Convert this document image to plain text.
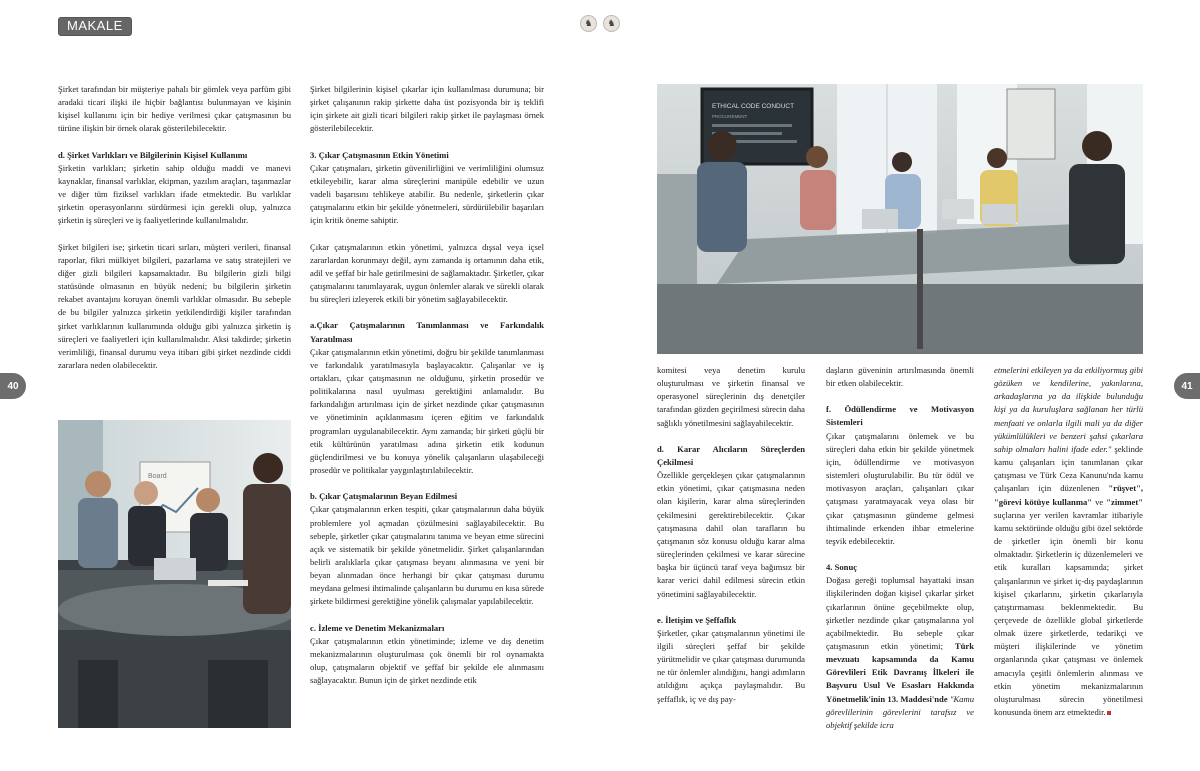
MAKALE	♞	♞
40	41

Şirket tarafından bir müşteriye pahalı bir gömlek veya parfüm gibi aradaki ticari ilişki ile hiçbir bağlantısı bulunmayan ve kişinin kişisel kullanımı için bir hediye verilmesi çıkar çatışmasının bu türüne ilişkin bir örnek olarak gösterilebilecektir.

d. Şirket Varlıkları ve Bilgilerinin Kişisel Kullanımı

Şirketin varlıkları; şirketin sahip olduğu maddi ve manevi kaynaklar, finansal varlıklar, ekipman, yazılım araçları, taşınmazlar ve diğer tüm fiziksel varlıkları ifade etmektedir. Bu varlıklar şirketin operasyonlarını sürdürmesi için gerekli olup, yalnızca şirketin iş süreçleri ve iş faaliyetlerinde kullanılmalıdır.

Şirket bilgileri ise; şirketin ticari sırları, müşteri verileri, finansal raporlar, fikri mülkiyet bilgileri, pazarlama ve satış stratejileri ve diğer gizli bilgileri kapsamaktadır. Bu bilgilerin gizli bilgi statüsünde olmasının en büyük nedeni; bu bilgilerin şirketin rekabet avantajını koruyan önemli varlıklar olmasıdır. Bu sebeple de bu bilgiler yalnızca şirketin yetkilendirdiği kişiler tarafından şirket varlıklarının kullanımında olduğu gibi yalnızca şirketin iş süreçleri ve faaliyetleri için kullanılmalıdır. Aksi takdirde; şirketin verimliliği, finansal durumu veya itibarı gibi şirket nezdinde ciddi zararlara neden olabilecektir.

Board

Şirket bilgilerinin kişisel çıkarlar için kullanılması durumuna; bir şirket çalışanının rakip şirkette daha üst pozisyonda bir iş teklifi için şirkete ait gizli ticari bilgileri rakip şirket ile paylaşması örnek gösterilebilecektir.

3. Çıkar Çatışmasının Etkin Yönetimi

Çıkar çatışmaları, şirketin güvenilirliğini ve verimliliğini olumsuz etkileyebilir, karar alma süreçlerini manipüle edebilir ve uzun vadeli başarısını tehlikeye atabilir. Bu nedenle, şirketlerin çıkar çatışmalarını etkin bir şekilde yönetmeleri, sürdürülebilir başarıları için kritik öneme sahiptir.

Çıkar çatışmalarının etkin yönetimi, yalnızca dışsal veya içsel zararlardan korunmayı değil, aynı zamanda iş ortamının daha etik, adil ve şeffaf bir hale getirilmesini de sağlamaktadır. Şirketler, çıkar çatışmalarını tanımlayarak, uygun önlemler alarak ve sürekli olarak bu süreçleri izleyerek etkili bir yönetim sağlayabilecektir.

a.Çıkar Çatışmalarının Tanımlanması ve Farkındalık Yaratılması

Çıkar çatışmalarının etkin yönetimi, doğru bir şekilde tanımlanması ve farkındalık yaratılmasıyla başlayacaktır. Çalışanlar ve iş ortakları, çıkar çatışmasının ne olduğunu, şirketin prosedür ve politikalarına nasıl uyulması gerektiğini anlamalıdır. Bu farkındalığın artırılması için de şirket nezdinde çıkar çatışmasının ve yönetiminin açıklanmasını içeren eğitim ve farkındalık programları uygulanabilecektir. Aynı zamanda; bir şirketi güçlü bir etik kültürünün yaratılması adına şirketin etik kodunun güçlendirilmesi ve bu konuya yönelik çalışanların ulaşabileceği prosedür ve politikalar yaygınlaştırılabilecektir.

b. Çıkar Çatışmalarının Beyan Edilmesi

Çıkar çatışmalarının erken tespiti, çıkar çatışmalarının daha büyük problemlere yol açmadan çözülmesini sağlayabilecektir. Bu sebeple, şirketler çıkar çatışmalarını tanıma ve beyan etme sürecini açık ve sistematik bir şekilde yönetmelidir. Şirket çalışanlarından belirli aralıklarla çıkar çatışması beyanı alınmasına ve yeni bir beyan alınmadan önce herhangi bir çıkar çatışması durumu meydana gelmesi ihtimalinde çalışanların bu durumu en kısa sürede şirkete bildirmesi gerektiğine yönelik çalışmalar yapılabilecektir.

c. İzleme ve Denetim Mekanizmaları

Çıkar çatışmalarının etkin yönetiminde; izleme ve dış denetim mekanizmalarının oluşturulması çok önemli bir rol oynamakta olup, çatışmaların objektif ve şeffaf bir şekilde ele alınmasını sağlayacaktır. Bunun için de şirket nezdinde etik

ETHICAL CODE CONDUCT
PROCUREMENT

komitesi veya denetim kurulu oluşturulması ve şirketin finansal ve operasyonel süreçlerinin dış denetçiler tarafından gözden geçirilmesi sürecin daha sağlıklı yönetilmesini sağlayabilecektir.

d. Karar Alıcıların Süreçlerden Çekilmesi

Özellikle gerçekleşen çıkar çatışmalarının etkin yönetimi, çıkar çatışmasına neden olan kişilerin, karar alma süreçlerinden çekilmesini gerektirebilecektir. Çıkar çatışmasına dahil olan tarafların bu çatışmanın söz konusu olduğu karar alma süreçlerinden çekilmesi ve karar sürecine başka bir üçüncü taraf veya bağımsız bir karar verici dahil edilmesi sürecin etkin yönetimini sağlayabilecektir.

e. İletişim ve Şeffaflık

Şirketler, çıkar çatışmalarının yönetimi ile ilgili süreçleri şeffaf bir şekilde yürütmelidir ve çıkar çatışması durumunda ne tür önlemler alındığını, hangi adımların atıldığını açıkça paylaşmalıdır. Bu şeffaflık, iç ve dış pay-

daşların güveninin artırılmasında önemli bir etken olabilecektir.

f. Ödüllendirme ve Motivasyon Sistemleri

Çıkar çatışmalarını önlemek ve bu süreçleri daha etkin bir şekilde yönetmek için, ödüllendirme ve motivasyon sistemleri oluşturulabilir. Bu tür ödül ve motivasyon araçları, çalışanları çıkar çatışması yaratmayacak veya olası bir çıkar çatışmasının gündeme gelmesi ihtimalinde erkenden ihbar etmelerine teşvik edebilecektir.

4. Sonuç

Doğası gereği toplumsal hayattaki insan ilişkilerinden doğan kişisel çıkarlar şirket çıkarlarının önüne geçebilmekte olup, şirketler nezdinde çıkar çatışmalarına yol açabilmektedir. Bu sebeple çıkar çatışmasının etkin yönetimi; Türk mevzuatı kapsamında da Kamu Görevlileri Etik Davranış İlkeleri ile Başvuru Usul Ve Esasları Hakkında Yönetmelik'inin 13. Maddesi'nde "Kamu görevlilerinin görevlerini tarafsız ve objektif şekilde icra

etmelerini etkileyen ya da etkiliyormuş gibi gözüken ve kendilerine, yakınlarına, arkadaşlarına ya da ilişkide bulunduğu kişi ya da kuruluşlara sağlanan her türlü menfaati ve onlarla ilgili mali ya da diğer yükümlülükleri ve benzeri şahsi çıkarlara sahip olmaları halini ifade eder." şeklinde kamu çalışanları için tanımlanan çıkar çatışması ve Türk Ceza Kanunu'nda kamu çalışanları için düzenlenen "rüşvet", "görevi kötüye kullanma" ve "zimmet" suçlarına yer verilen kavramlar itibariyle kamu sektöründe olduğu gibi özel sektörde de şirketler için önemli bir konu olmaktadır. Şirketlerin iç düzenlemeleri ve etik kuralları kapsamında; şirket çalışanlarının ve şirket iç-dış paydaşlarının kişisel çıkarlarını, şirketin çıkarlarıyla çatıştırmaması beklenmektedir. Bu çerçevede de özellikle global şirketlerde olmak üzere şirketlerde, tedarikçi ve müşteri ilişkilerinde ve yönetim organlarında çıkar çatışması ve önlemek amacıyla çeşitli önlemlerin alınması ve etkin yönetim mekanizmalarının oluşturulması sürecin yönetilmesi konusunda önem arz etmektedir.
